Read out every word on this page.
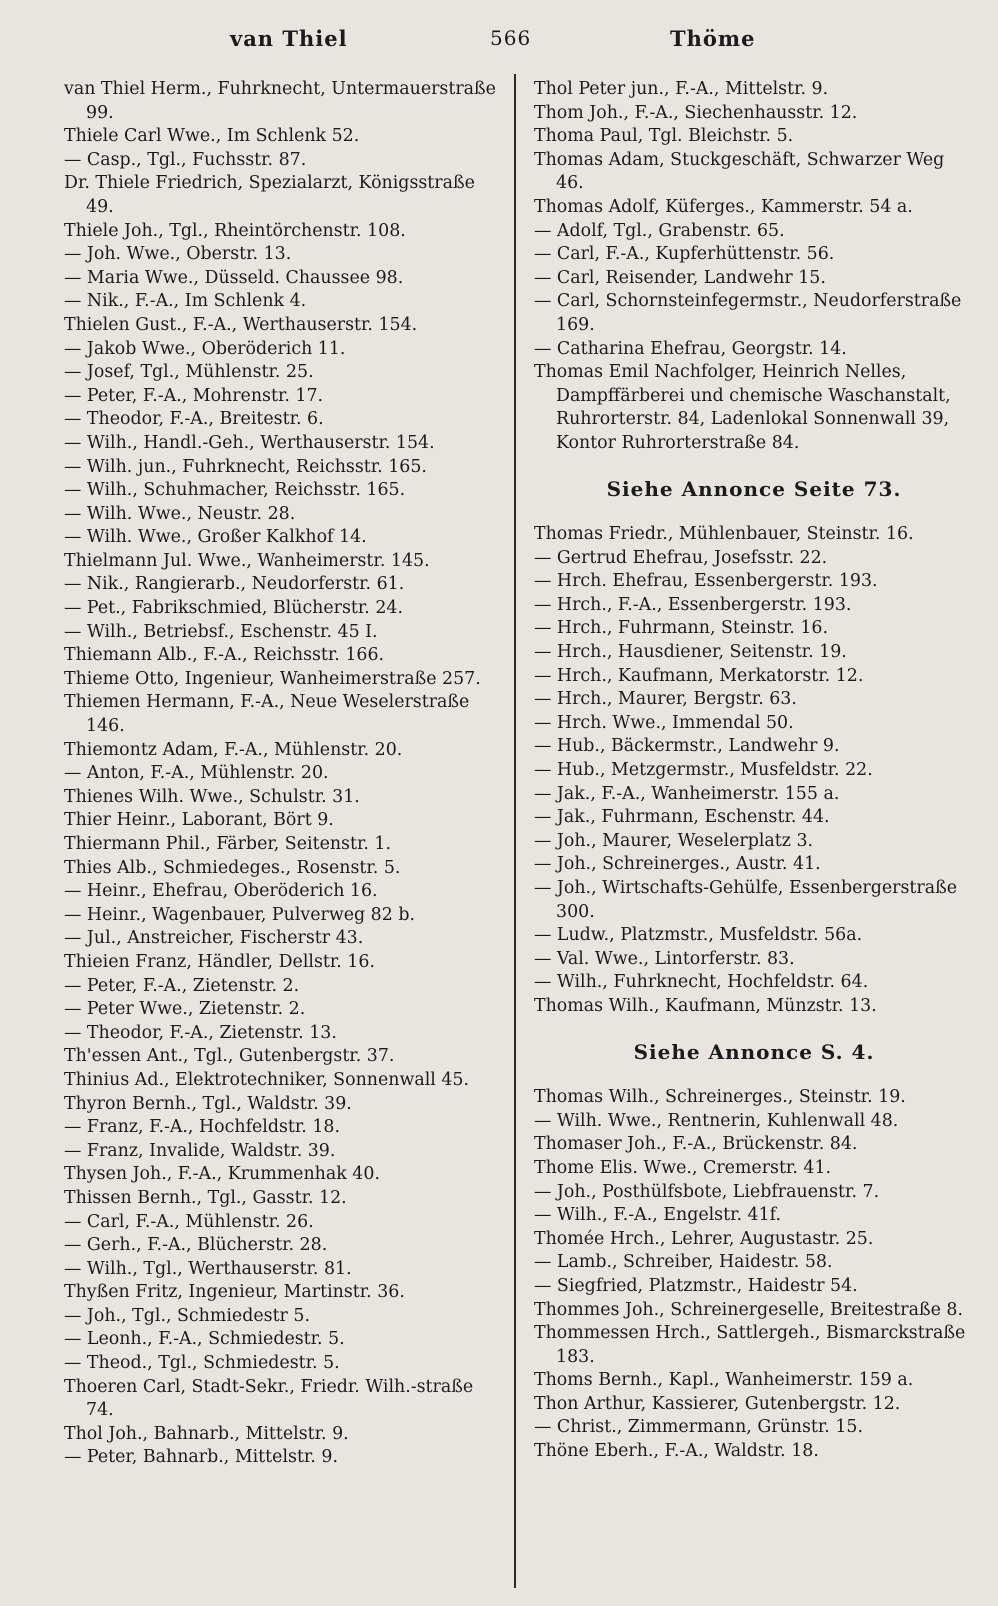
van Thiel	566	Thöme
van Thiel Herm., Fuhrknecht, Untermauerstraße 99.
Thiele Carl Wwe., Im Schlenk 52.
— Casp., Tgl., Fuchsstr. 87.
Dr. Thiele Friedrich, Spezialarzt, Königsstraße 49.
Thiele Joh., Tgl., Rheintörchenstr. 108.
— Joh. Wwe., Oberstr. 13.
— Maria Wwe., Düsseld. Chaussee 98.
— Nik., F.-A., Im Schlenk 4.
Thielen Gust., F.-A., Werthauserstr. 154.
— Jakob Wwe., Oberöderich 11.
— Josef, Tgl., Mühlenstr. 25.
— Peter, F.-A., Mohrenstr. 17.
— Theodor, F.-A., Breitestr. 6.
— Wilh., Handl.-Geh., Werthauserstr. 154.
— Wilh. jun., Fuhrknecht, Reichsstr. 165.
— Wilh., Schuhmacher, Reichsstr. 165.
— Wilh. Wwe., Neustr. 28.
— Wilh. Wwe., Großer Kalkhof 14.
Thielmann Jul. Wwe., Wanheimerstr. 145.
— Nik., Rangierarb., Neudorferstr. 61.
— Pet., Fabrikschmied, Blücherstr. 24.
— Wilh., Betriebsf., Eschenstr. 45 I.
Thiemann Alb., F.-A., Reichsstr. 166.
Thieme Otto, Ingenieur, Wanheimerstraße 257.
Thiemen Hermann, F.-A., Neue Weselerstraße 146.
Thiemontz Adam, F.-A., Mühlenstr. 20.
— Anton, F.-A., Mühlenstr. 20.
Thienes Wilh. Wwe., Schulstr. 31.
Thier Heinr., Laborant, Bört 9.
Thiermann Phil., Färber, Seitenstr. 1.
Thies Alb., Schmiedeges., Rosenstr. 5.
— Heinr., Ehefrau, Oberöderich 16.
— Heinr., Wagenbauer, Pulverweg 82 b.
— Jul., Anstreicher, Fischerstr 43.
Thieien Franz, Händler, Dellstr. 16.
— Peter, F.-A., Zietenstr. 2.
— Peter Wwe., Zietenstr. 2.
— Theodor, F.-A., Zietenstr. 13.
Th'essen Ant., Tgl., Gutenbergstr. 37.
Thinius Ad., Elektrotechniker, Sonnenwall 45.
Thyron Bernh., Tgl., Waldstr. 39.
— Franz, F.-A., Hochfeldstr. 18.
— Franz, Invalide, Waldstr. 39.
Thysen Joh., F.-A., Krummenhak 40.
Thissen Bernh., Tgl., Gasstr. 12.
— Carl, F.-A., Mühlenstr. 26.
— Gerh., F.-A., Blücherstr. 28.
— Wilh., Tgl., Werthauserstr. 81.
Thyßen Fritz, Ingenieur, Martinstr. 36.
— Joh., Tgl., Schmiedestr 5.
— Leonh., F.-A., Schmiedestr. 5.
— Theod., Tgl., Schmiedestr. 5.
Thoeren Carl, Stadt-Sekr., Friedr. Wilh.-straße 74.
Thol Joh., Bahnarb., Mittelstr. 9.
— Peter, Bahnarb., Mittelstr. 9.
Thol Peter jun., F.-A., Mittelstr. 9.
Thom Joh., F.-A., Siechenhausstr. 12.
Thoma Paul, Tgl. Bleichstr. 5.
Thomas Adam, Stuckgeschäft, Schwarzer Weg 46.
Thomas Adolf, Küferges., Kammerstr. 54 a.
— Adolf, Tgl., Grabenstr. 65.
— Carl, F.-A., Kupferhüttenstr. 56.
— Carl, Reisender, Landwehr 15.
— Carl, Schornsteinfegermstr., Neudorferstraße 169.
— Catharina Ehefrau, Georgstr. 14.
Thomas Emil Nachfolger, Heinrich Nelles, Dampffärberei und chemische Waschanstalt, Ruhrorterstr. 84, Ladenlokal Sonnenwall 39, Kontor Ruhrorterstraße 84.
Siehe Annonce Seite 73.
Thomas Friedr., Mühlenbauer, Steinstr. 16.
— Gertrud Ehefrau, Josefsstr. 22.
— Hrch. Ehefrau, Essenbergerstr. 193.
— Hrch., F.-A., Essenbergerstr. 193.
— Hrch., Fuhrmann, Steinstr. 16.
— Hrch., Hausdiener, Seitenstr. 19.
— Hrch., Kaufmann, Merkatorstr. 12.
— Hrch., Maurer, Bergstr. 63.
— Hrch. Wwe., Immendal 50.
— Hub., Bäckermstr., Landwehr 9.
— Hub., Metzgermstr., Musfeldstr. 22.
— Jak., F.-A., Wanheimerstr. 155 a.
— Jak., Fuhrmann, Eschenstr. 44.
— Joh., Maurer, Weselerplatz 3.
— Joh., Schreinerges., Austr. 41.
— Joh., Wirtschafts-Gehülfe, Essenbergerstraße 300.
— Ludw., Platzmstr., Musfeldstr. 56a.
— Val. Wwe., Lintorferstr. 83.
— Wilh., Fuhrknecht, Hochfeldstr. 64.
Thomas Wilh., Kaufmann, Münzstr. 13.
Siehe Annonce S. 4.
Thomas Wilh., Schreinerges., Steinstr. 19.
— Wilh. Wwe., Rentnerin, Kuhlenwall 48.
Thomaser Joh., F.-A., Brückenstr. 84.
Thome Elis. Wwe., Cremerstr. 41.
— Joh., Posthülfsbote, Liebfrauenstr. 7.
— Wilh., F.-A., Engelstr. 41f.
Thomée Hrch., Lehrer, Augustastr. 25.
— Lamb., Schreiber, Haidestr. 58.
— Siegfried, Platzmstr., Haidestr 54.
Thommes Joh., Schreinergeselle, Breitestraße 8.
Thommessen Hrch., Sattlergeh., Bismarckstraße 183.
Thoms Bernh., Kapl., Wanheimerstr. 159 a.
Thon Arthur, Kassierer, Gutenbergstr. 12.
— Christ., Zimmermann, Grünstr. 15.
Thöne Eberh., F.-A., Waldstr. 18.
